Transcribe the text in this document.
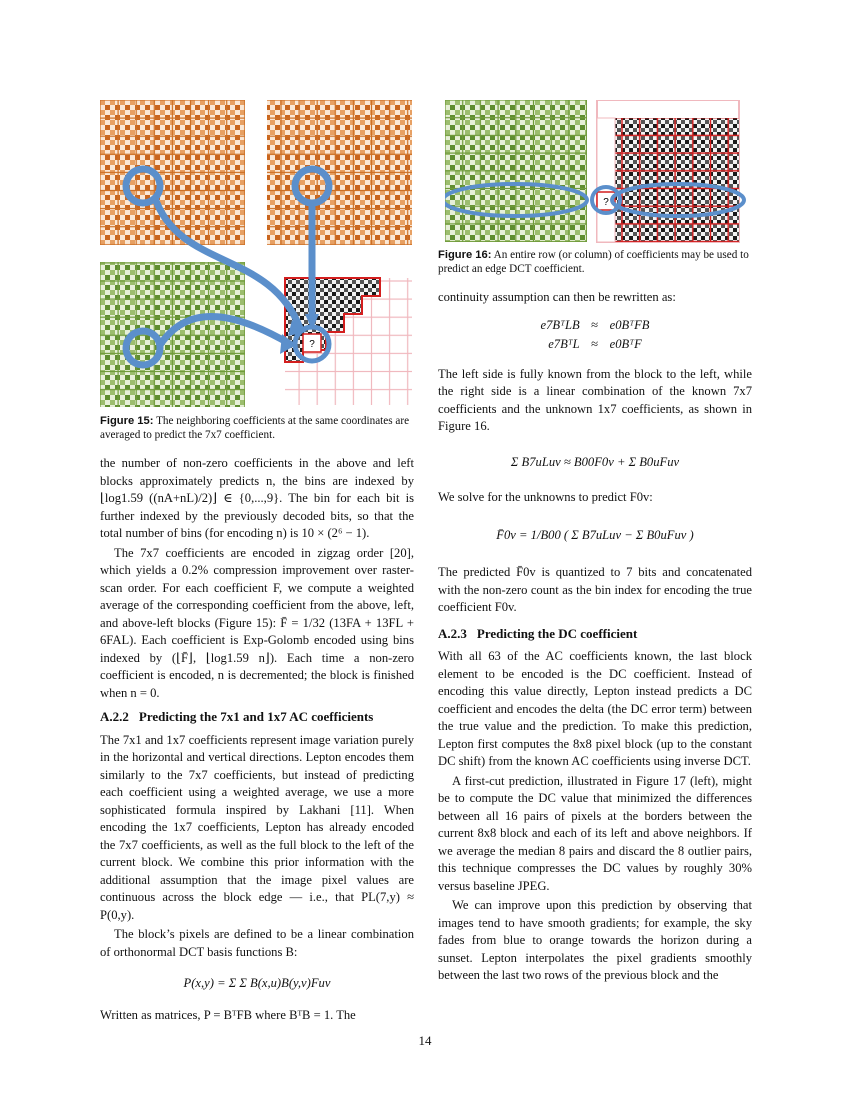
?
Figure 15: The neighboring coefficients at the same coordinates are averaged to predict the 7x7 coefficient.
?
Figure 16: An entire row (or column) of coefficients may be used to predict an edge DCT coefficient.

the number of non-zero coefficients in the above and left blocks approximately predicts n, the bins are indexed by ⌊log1.59 ((nA+nL)/2)⌋ ∈ {0,...,9}. The bin for each bit is further indexed by the previously decoded bits, so that the total number of bins (for encoding n) is 10 × (2⁶ − 1).

The 7x7 coefficients are encoded in zigzag order [20], which yields a 0.2% compression improvement over raster-scan order. For each coefficient F, we compute a weighted average of the corresponding coefficient from the above, left, and above-left blocks (Figure 15): F̄ = 1/32 (13FA + 13FL + 6FAL). Each coefficient is Exp-Golomb encoded using bins indexed by (⌊F̄⌋, ⌊log1.59 n⌋). Each time a non-zero coefficient is encoded, n is decremented; the block is finished when n = 0.

A.2.2 Predicting the 7x1 and 1x7 AC coefficients

The 7x1 and 1x7 coefficients represent image variation purely in the horizontal and vertical directions. Lepton encodes them similarly to the 7x7 coefficients, but instead of predicting each coefficient using a weighted average, we use a more sophisticated formula inspired by Lakhani [11]. When encoding the 1x7 coefficients, Lepton has already encoded the 7x7 coefficients, as well as the full block to the left of the current block. We combine this prior information with the additional assumption that the image pixel values are continuous across the block edge — i.e., that PL(7,y) ≈ P(0,y).

The block’s pixels are defined to be a linear combination of orthonormal DCT basis functions B:

P(x,y) = Σ Σ B(x,u)B(y,v)Fuv

Written as matrices, P = BᵀFB where BᵀB = 1. The

continuity assumption can then be rewritten as:

e7BᵀLB ≈ e0BᵀFB
e7BᵀL ≈ e0BᵀF

The left side is fully known from the block to the left, while the right side is a linear combination of the known 7x7 coefficients and the unknown 1x7 coefficients, as shown in Figure 16.

Σ B7uLuv ≈ B00F0v + Σ B0uFuv

We solve for the unknowns to predict F0v:

F̄0v = 1/B00 ( Σ B7uLuv − Σ B0uFuv )

The predicted F̄0v is quantized to 7 bits and concatenated with the non-zero count as the bin index for encoding the true coefficient F0v.

A.2.3 Predicting the DC coefficient

With all 63 of the AC coefficients known, the last block element to be encoded is the DC coefficient. Instead of encoding this value directly, Lepton instead predicts a DC coefficient and encodes the delta (the DC error term) between the true value and the prediction. To make this prediction, Lepton first computes the 8x8 pixel block (up to the constant DC shift) from the known AC coefficients using inverse DCT.

A first-cut prediction, illustrated in Figure 17 (left), might be to compute the DC value that minimized the differences between all 16 pairs of pixels at the borders between the current 8x8 block and each of its left and above neighbors. If we average the median 8 pairs and discard the 8 outlier pairs, this technique compresses the DC values by roughly 30% versus baseline JPEG.

We can improve upon this prediction by observing that images tend to have smooth gradients; for example, the sky fades from blue to orange towards the horizon during a sunset. Lepton interpolates the pixel gradients smoothly between the last two rows of the previous block and the

14
